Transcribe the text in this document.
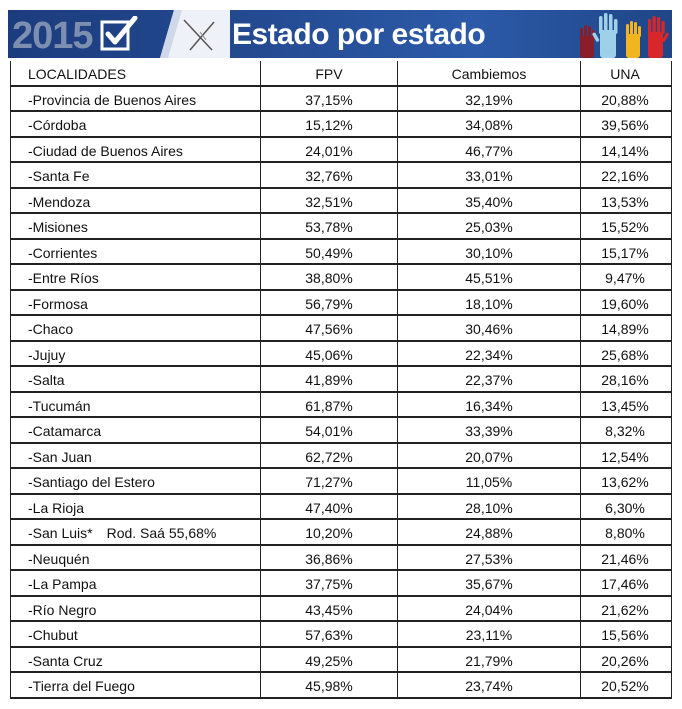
2015	Estado por estado
LOCALIDADES	FPV	Cambiemos	UNA
-Provincia de Buenos Aires	37,15%	32,19%	20,88%
-Córdoba	15,12%	34,08%	39,56%
-Ciudad de Buenos Aires	24,01%	46,77%	14,14%
-Santa Fe	32,76%	33,01%	22,16%
-Mendoza	32,51%	35,40%	13,53%
-Misiones	53,78%	25,03%	15,52%
-Corrientes	50,49%	30,10%	15,17%
-Entre Ríos	38,80%	45,51%	9,47%
-Formosa	56,79%	18,10%	19,60%
-Chaco	47,56%	30,46%	14,89%
-Jujuy	45,06%	22,34%	25,68%
-Salta	41,89%	22,37%	28,16%
-Tucumán	61,87%	16,34%	13,45%
-Catamarca	54,01%	33,39%	8,32%
-San Juan	62,72%	20,07%	12,54%
-Santiago del Estero	71,27%	11,05%	13,62%
-La Rioja	47,40%	28,10%	6,30%
-San Luis* Rod. Saá 55,68%	10,20%	24,88%	8,80%
-Neuquén	36,86%	27,53%	21,46%
-La Pampa	37,75%	35,67%	17,46%
-Río Negro	43,45%	24,04%	21,62%
-Chubut	57,63%	23,11%	15,56%
-Santa Cruz	49,25%	21,79%	20,26%
-Tierra del Fuego	45,98%	23,74%	20,52%
